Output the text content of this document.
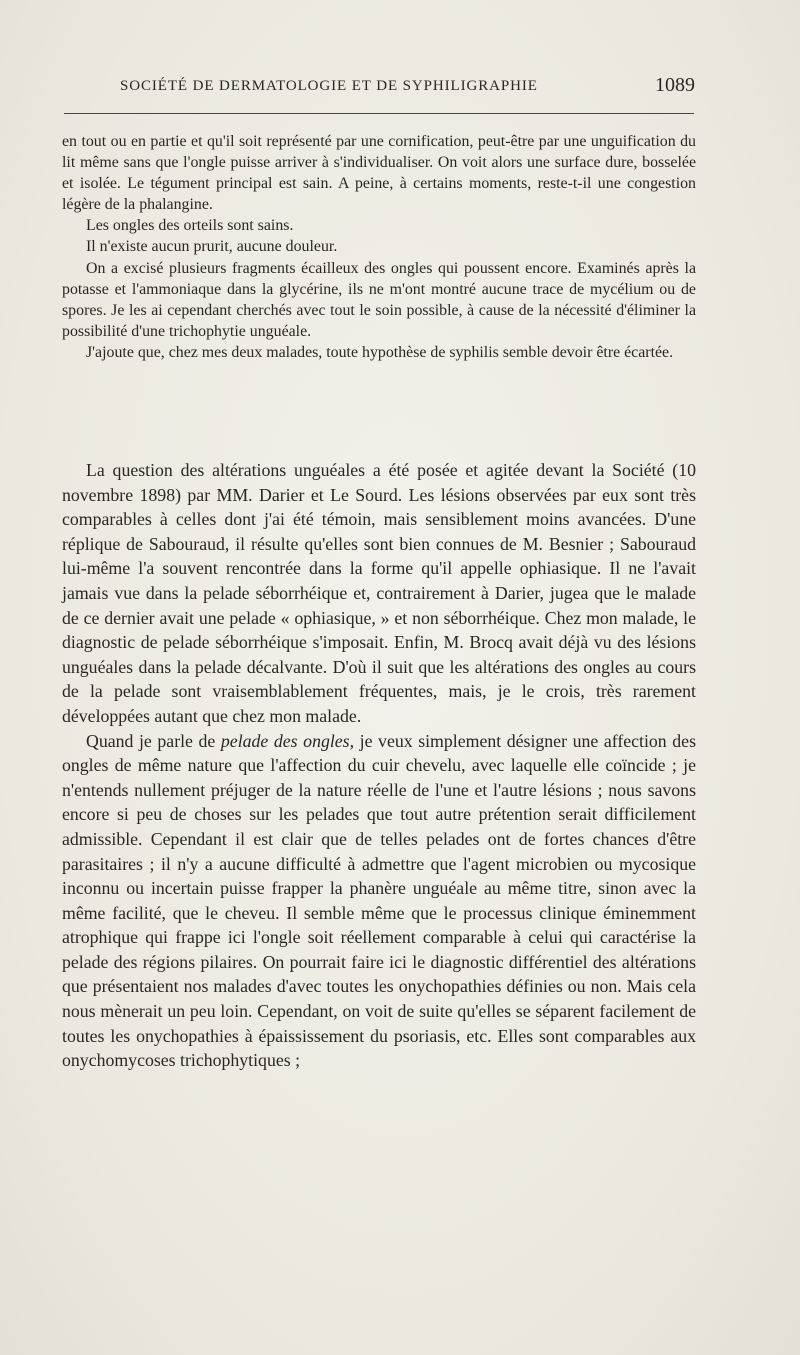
SOCIÉTÉ DE DERMATOLOGIE ET DE SYPHILIGRAPHIE	1089

en tout ou en partie et qu'il soit représenté par une cornification, peut-être par une unguification du lit même sans que l'ongle puisse arriver à s'individualiser. On voit alors une surface dure, bosselée et isolée. Le tégument principal est sain. A peine, à certains moments, reste-t-il une congestion légère de la phalangine.

Les ongles des orteils sont sains.

Il n'existe aucun prurit, aucune douleur.

On a excisé plusieurs fragments écailleux des ongles qui poussent encore. Examinés après la potasse et l'ammoniaque dans la glycérine, ils ne m'ont montré aucune trace de mycélium ou de spores. Je les ai cependant cherchés avec tout le soin possible, à cause de la nécessité d'éliminer la possibilité d'une trichophytie unguéale.

J'ajoute que, chez mes deux malades, toute hypothèse de syphilis semble devoir être écartée.

La question des altérations unguéales a été posée et agitée devant la Société (10 novembre 1898) par MM. Darier et Le Sourd. Les lésions observées par eux sont très comparables à celles dont j'ai été témoin, mais sensiblement moins avancées. D'une réplique de Sabouraud, il résulte qu'elles sont bien connues de M. Besnier ; Sabouraud lui-même l'a souvent rencontrée dans la forme qu'il appelle ophiasique. Il ne l'avait jamais vue dans la pelade séborrhéique et, contrairement à Darier, jugea que le malade de ce dernier avait une pelade « ophiasique, » et non séborrhéique. Chez mon malade, le diagnostic de pelade séborrhéique s'imposait. Enfin, M. Brocq avait déjà vu des lésions unguéales dans la pelade décalvante. D'où il suit que les altérations des ongles au cours de la pelade sont vraisemblablement fréquentes, mais, je le crois, très rarement développées autant que chez mon malade.

Quand je parle de pelade des ongles, je veux simplement désigner une affection des ongles de même nature que l'affection du cuir chevelu, avec laquelle elle coïncide ; je n'entends nullement préjuger de la nature réelle de l'une et l'autre lésions ; nous savons encore si peu de choses sur les pelades que tout autre prétention serait difficilement admissible. Cependant il est clair que de telles pelades ont de fortes chances d'être parasitaires ; il n'y a aucune difficulté à admettre que l'agent microbien ou mycosique inconnu ou incertain puisse frapper la phanère unguéale au même titre, sinon avec la même facilité, que le cheveu. Il semble même que le processus clinique éminemment atrophique qui frappe ici l'ongle soit réellement comparable à celui qui caractérise la pelade des régions pilaires. On pourrait faire ici le diagnostic différentiel des altérations que présentaient nos malades d'avec toutes les onychopathies définies ou non. Mais cela nous mènerait un peu loin. Cependant, on voit de suite qu'elles se séparent facilement de toutes les onychopathies à épaississement du psoriasis, etc. Elles sont comparables aux onychomycoses trichophytiques ;
